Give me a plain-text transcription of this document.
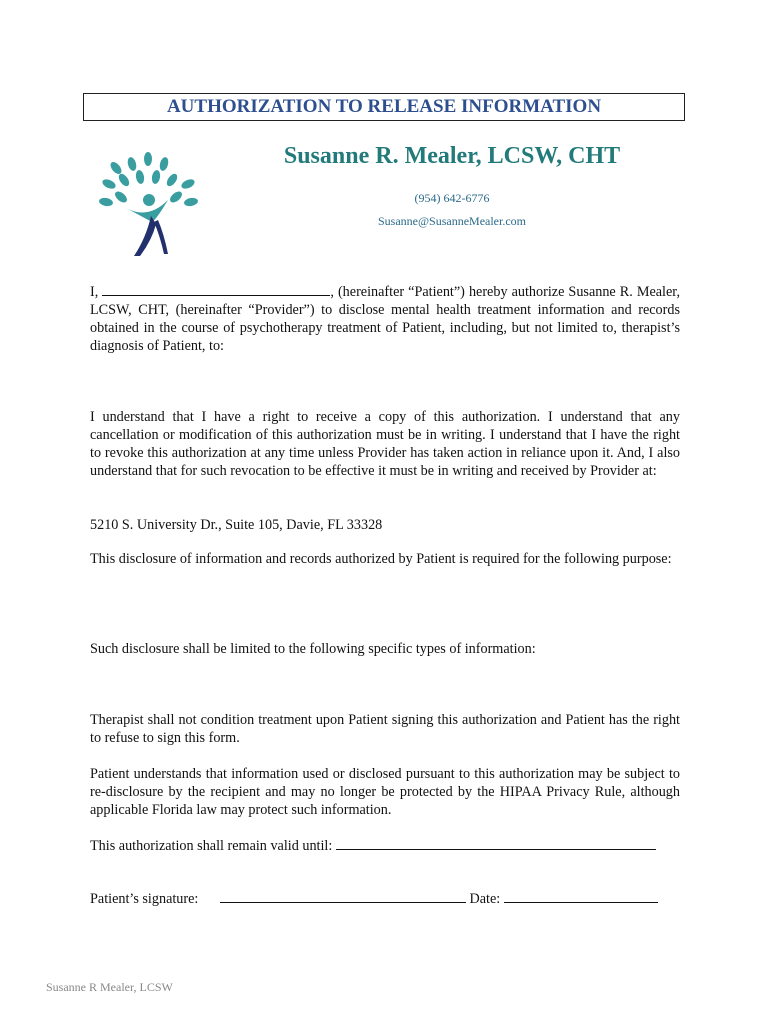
AUTHORIZATION TO RELEASE INFORMATION
Susanne R. Mealer, LCSW, CHT
(954) 642-6776
Susanne@SusanneMealer.com

I,	, (hereinafter “Patient”) hereby authorize Susanne R. Mealer, LCSW, CHT, (hereinafter “Provider”) to disclose mental health treatment information and records obtained in the course of psychotherapy treatment of Patient, including, but not limited to, therapist’s diagnosis of Patient, to:

I understand that I have a right to receive a copy of this authorization. I understand that any cancellation or modification of this authorization must be in writing. I understand that I have the right to revoke this authorization at any time unless Provider has taken action in reliance upon it. And, I also understand that for such revocation to be effective it must be in writing and received by Provider at:

5210 S. University Dr., Suite 105, Davie, FL 33328

This disclosure of information and records authorized by Patient is required for the following purpose:

Such disclosure shall be limited to the following specific types of information:

Therapist shall not condition treatment upon Patient signing this authorization and Patient has the right to refuse to sign this form.

Patient understands that information used or disclosed pursuant to this authorization may be subject to re-disclosure by the recipient and may no longer be protected by the HIPAA Privacy Rule, although applicable Florida law may protect such information.

This authorization shall remain valid until:

Patient’s signature:	Date:
Susanne R Mealer, LCSW
